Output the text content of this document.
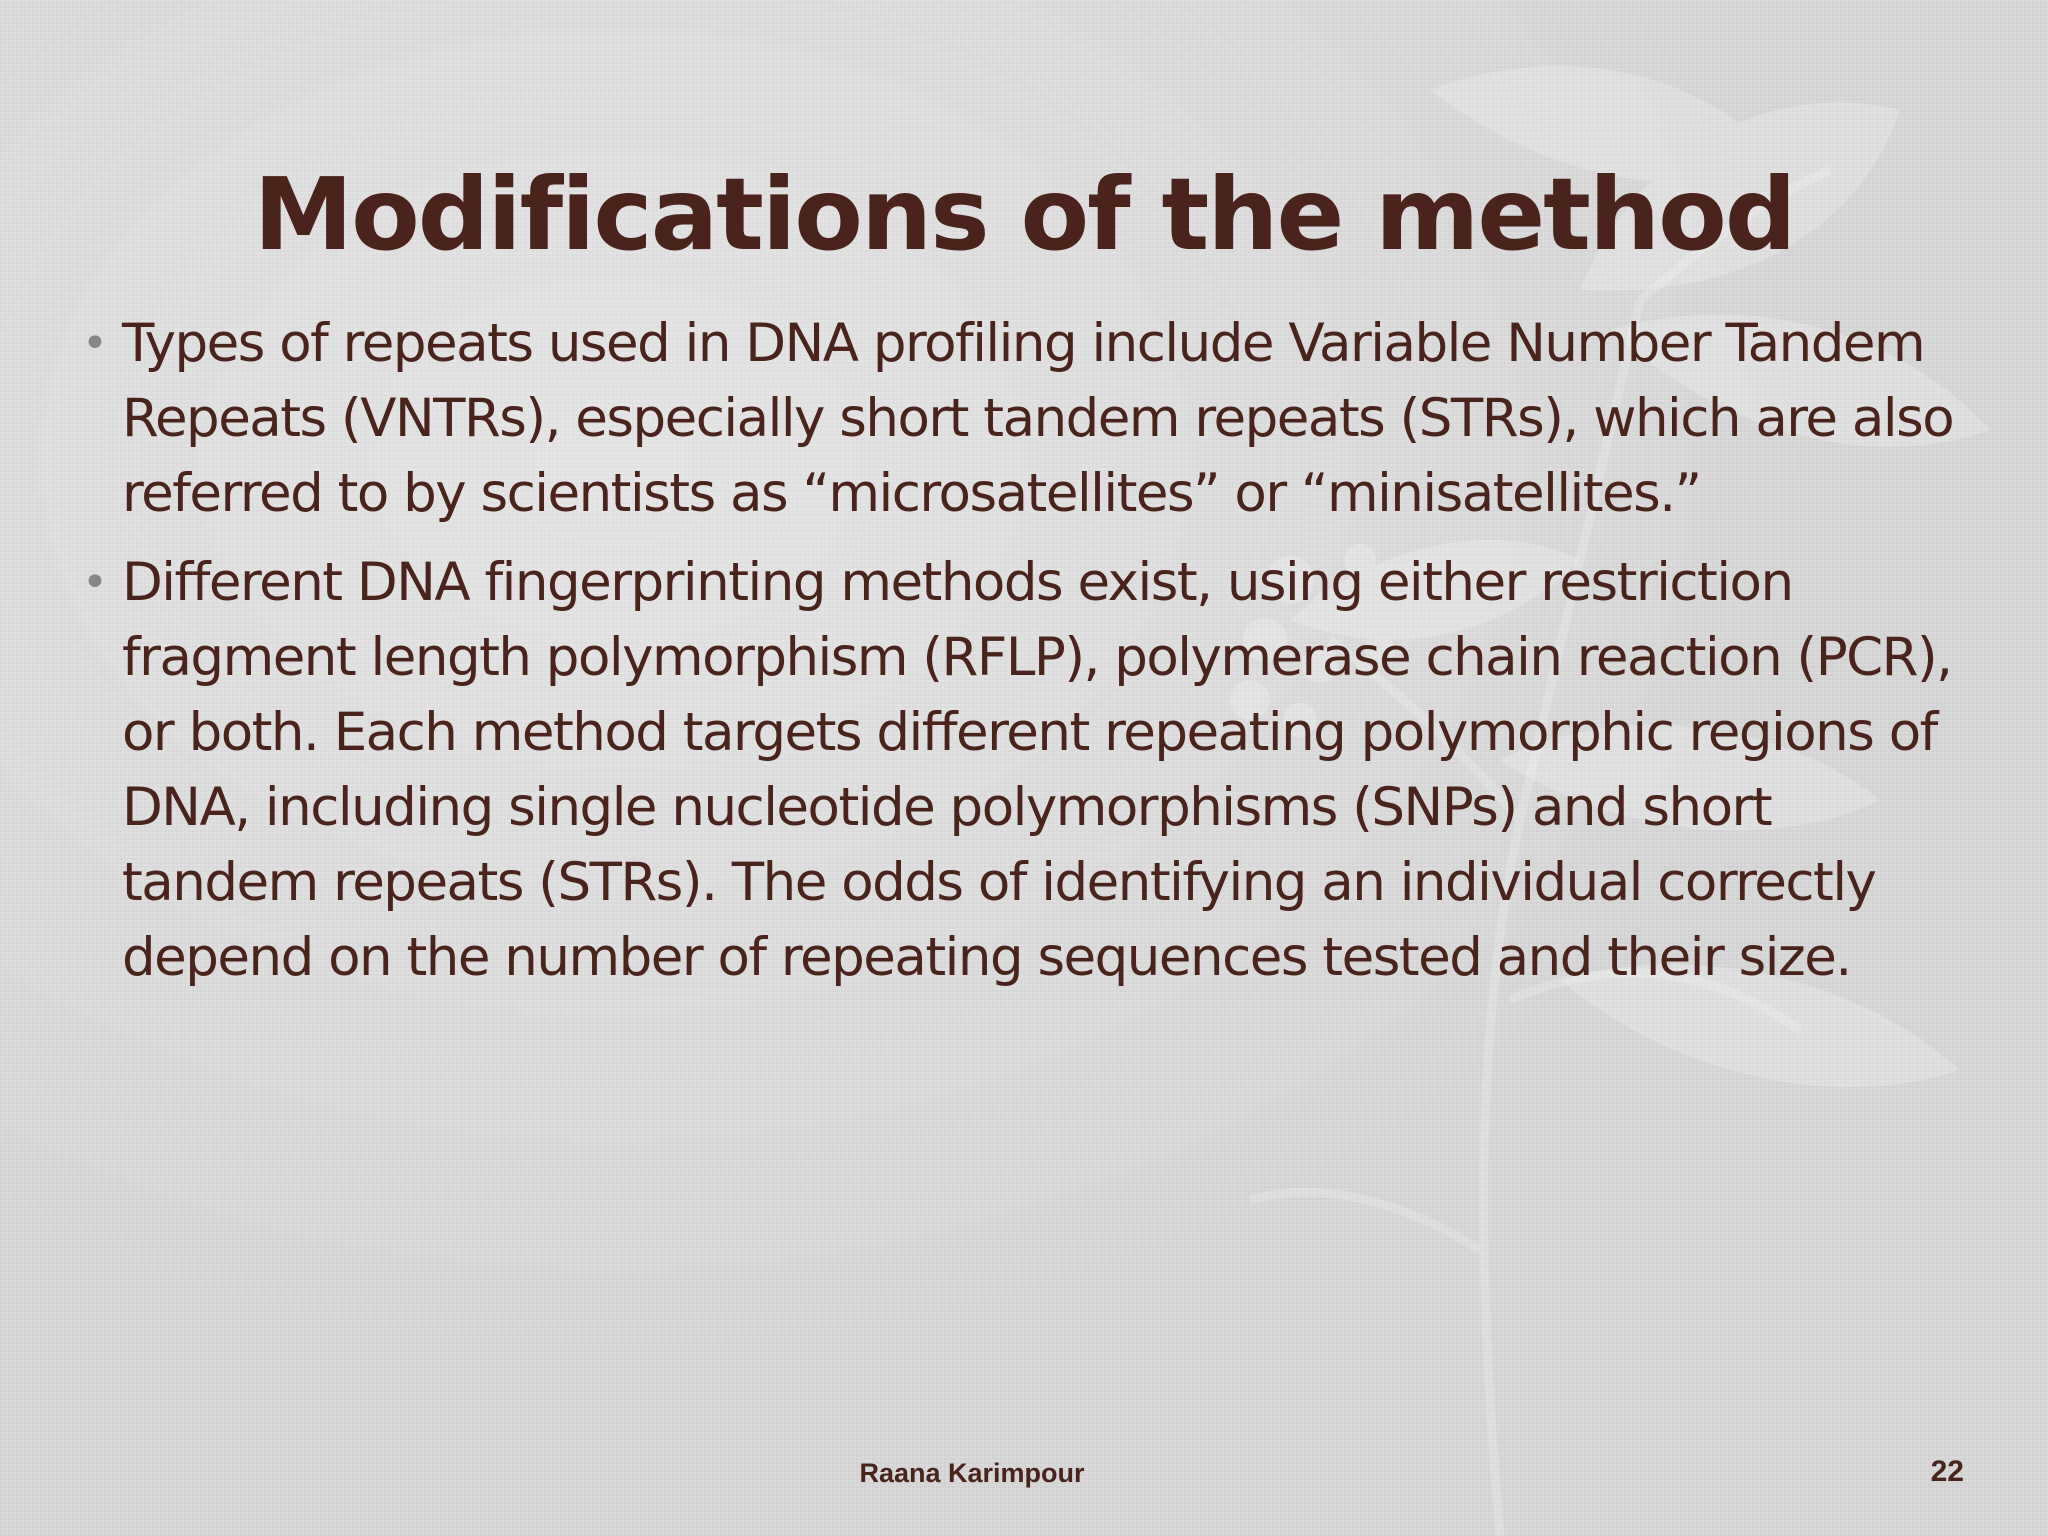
Modifications of the method
• Types of repeats used in DNA profiling include Variable Number Tandem Repeats (VNTRs), especially short tandem repeats (STRs), which are also referred to by scientists as “microsatellites” or “minisatellites.”
• Different DNA fingerprinting methods exist, using either restriction fragment length polymorphism (RFLP), polymerase chain reaction (PCR), or both. Each method targets different repeating polymorphic regions of DNA, including single nucleotide polymorphisms (SNPs) and short tandem repeats (STRs). The odds of identifying an individual correctly depend on the number of repeating sequences tested and their size.
Raana Karimpour	22
